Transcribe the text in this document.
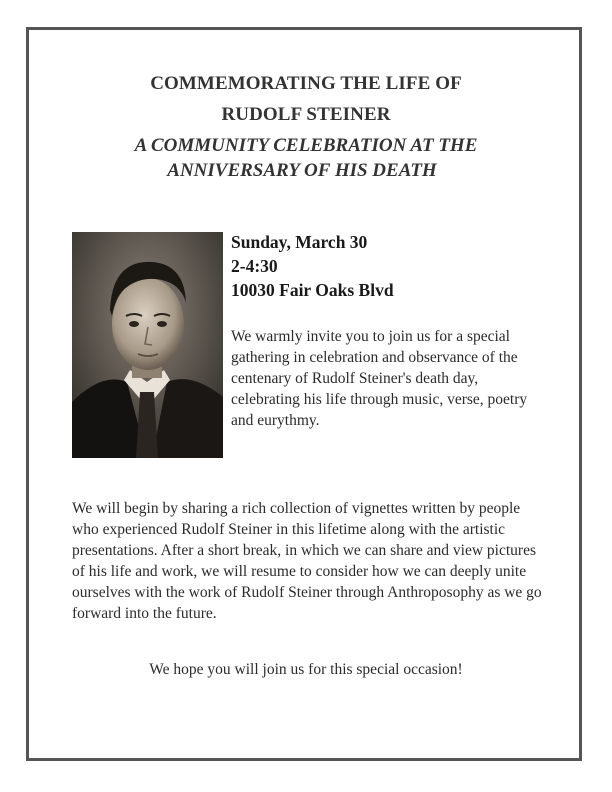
COMMEMORATING THE LIFE OF
RUDOLF STEINER
A COMMUNITY CELEBRATION AT THE
ANNIVERSARY OF HIS DEATH
Sunday, March 30
2-4:30
10030 Fair Oaks Blvd
We warmly invite you to join us for a special gathering in celebration and observance of the centenary of Rudolf Steiner's death day, celebrating his life through music, verse, poetry and eurythmy.
We will begin by sharing a rich collection of vignettes written by people who experienced Rudolf Steiner in this lifetime along with the artistic presentations. After a short break, in which we can share and view pictures of his life and work, we will resume to consider how we can deeply unite ourselves with the work of Rudolf Steiner through Anthroposophy as we go forward into the future.
We hope you will join us for this special occasion!
